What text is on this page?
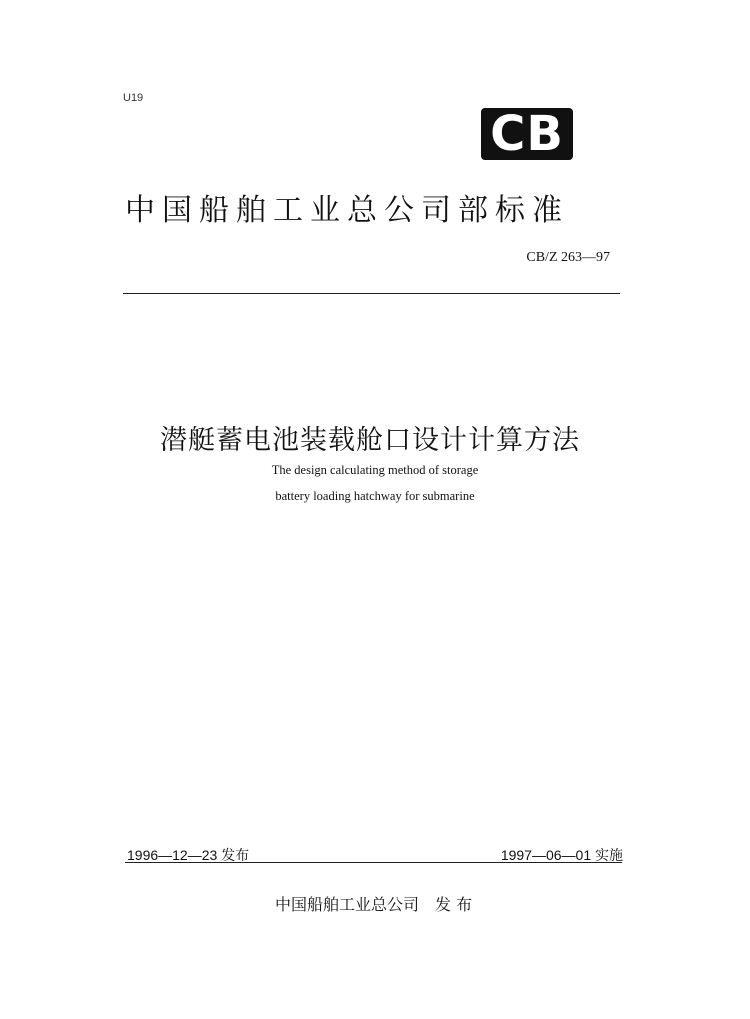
U19
CB
中国船舶工业总公司部标准
CB/Z 263—97
潜艇蓄电池装载舱口设计计算方法
The design calculating method of storage
battery loading hatchway for submarine
1996—12—23 发布	1997—06—01 实施
中国船舶工业总公司 发 布
